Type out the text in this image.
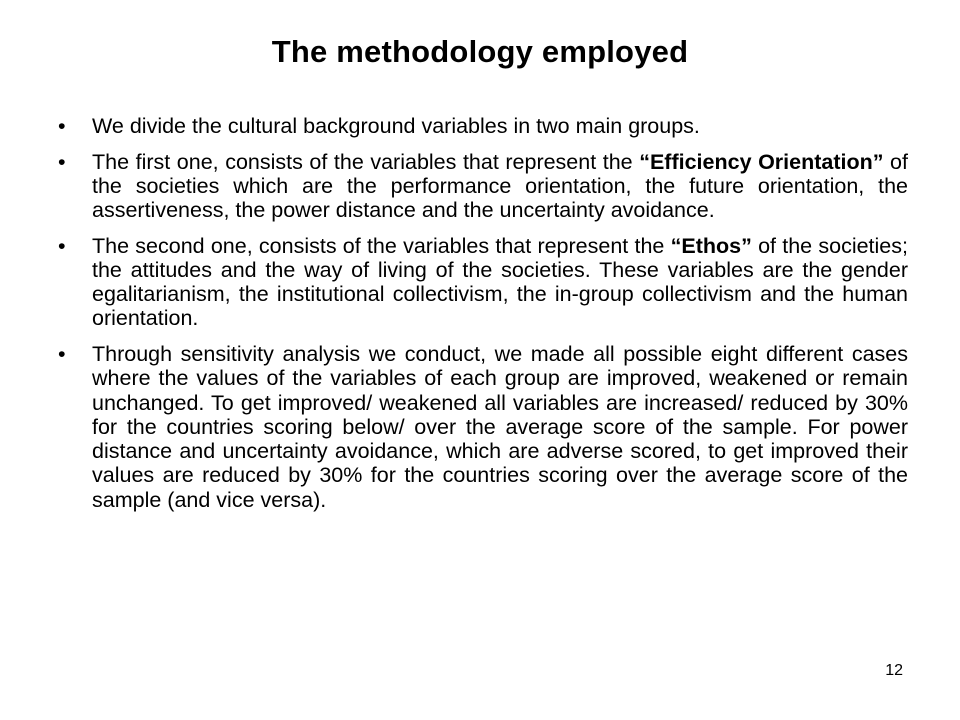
The methodology employed
• We divide the cultural background variables in two main groups.
• The first one, consists of the variables that represent the “Efficiency Orientation” of the societies which are the performance orientation, the future orientation, the assertiveness, the power distance and the uncertainty avoidance.
• The second one, consists of the variables that represent the “Ethos” of the societies; the attitudes and the way of living of the societies. These variables are the gender egalitarianism, the institutional collectivism, the in-group collectivism and the human orientation.
• Through sensitivity analysis we conduct, we made all possible eight different cases where the values of the variables of each group are improved, weakened or remain unchanged. To get improved/ weakened all variables are increased/ reduced by 30% for the countries scoring below/ over the average score of the sample. For power distance and uncertainty avoidance, which are adverse scored, to get improved their values are reduced by 30% for the countries scoring over the average score of the sample (and vice versa).
12
